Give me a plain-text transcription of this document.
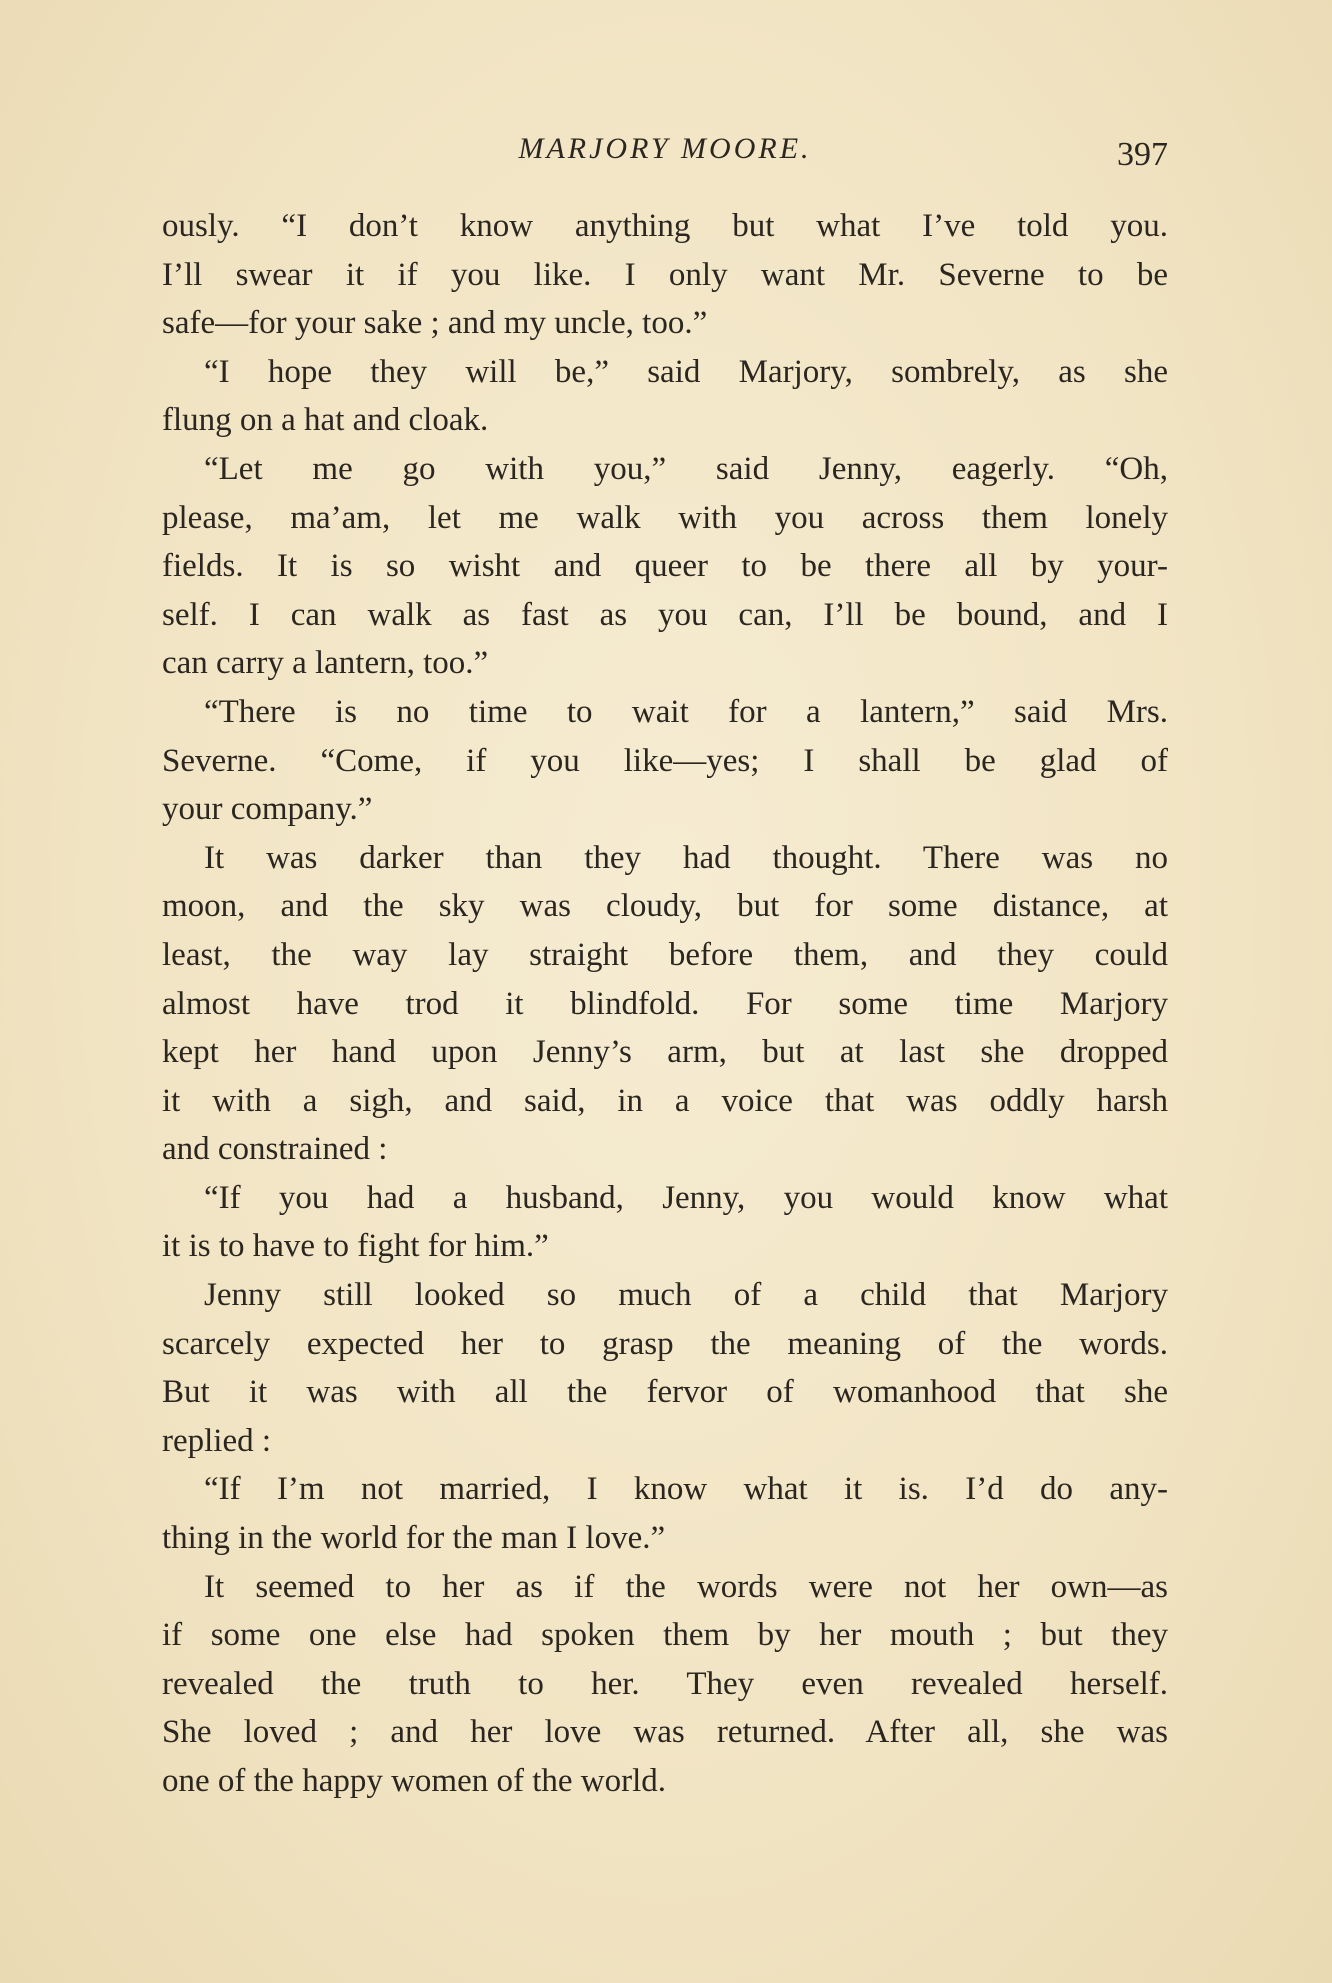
MARJORY MOORE.	397
ously. “I don’t know anything but what I’ve told you.
I’ll swear it if you like. I only want Mr. Severne to be
safe—for your sake ; and my uncle, too.”
“I hope they will be,” said Marjory, sombrely, as she
flung on a hat and cloak.
“Let me go with you,” said Jenny, eagerly. “Oh,
please, ma’am, let me walk with you across them lonely
fields. It is so wisht and queer to be there all by your-
self. I can walk as fast as you can, I’ll be bound, and I
can carry a lantern, too.”
“There is no time to wait for a lantern,” said Mrs.
Severne. “Come, if you like—yes; I shall be glad of
your company.”
It was darker than they had thought. There was no
moon, and the sky was cloudy, but for some distance, at
least, the way lay straight before them, and they could
almost have trod it blindfold. For some time Marjory
kept her hand upon Jenny’s arm, but at last she dropped
it with a sigh, and said, in a voice that was oddly harsh
and constrained :
“If you had a husband, Jenny, you would know what
it is to have to fight for him.”
Jenny still looked so much of a child that Marjory
scarcely expected her to grasp the meaning of the words.
But it was with all the fervor of womanhood that she
replied :
“If I’m not married, I know what it is. I’d do any-
thing in the world for the man I love.”
It seemed to her as if the words were not her own—as
if some one else had spoken them by her mouth ; but they
revealed the truth to her. They even revealed herself.
She loved ; and her love was returned. After all, she was
one of the happy women of the world.
